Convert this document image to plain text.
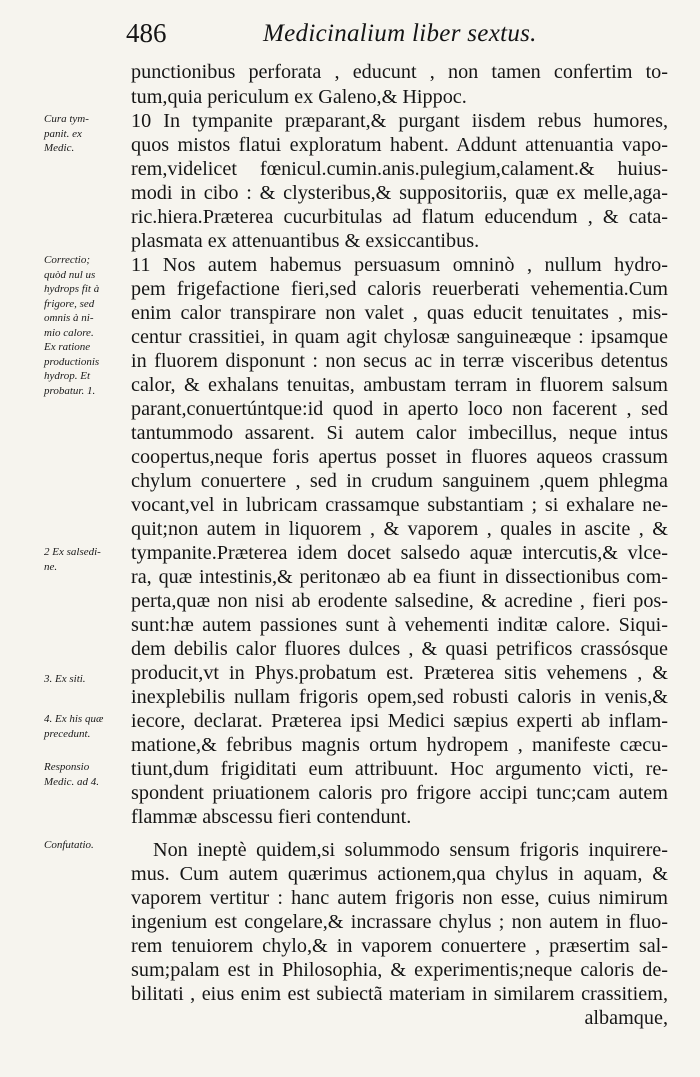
486	Medicinalium liber sextus.
punctionibus perforata , educunt , non tamen confertim to-
tum,quia periculum ex Galeno,& Hippoc.
10 In tympanite præparant,& purgant iisdem rebus humores,
quos mistos flatui exploratum habent. Addunt attenuantia vapo-
rem,videlicet fœnicul.cumin.anis.pulegium,calament.& huius-
modi in cibo : & clysteribus,& suppositoriis, quæ ex melle,aga-
ric.hiera.Præterea cucurbitulas ad flatum educendum , & cata-
plasmata ex attenuantibus & exsiccantibus.
11 Nos autem habemus persuasum omninò , nullum hydro-
pem frigefactione fieri,sed caloris reuerberati vehementia.Cum
enim calor transpirare non valet , quas educit tenuitates , mis-
centur crassitiei, in quam agit chylosæ sanguineæque : ipsamque
in fluorem disponunt : non secus ac in terræ visceribus detentus
calor, & exhalans tenuitas, ambustam terram in fluorem salsum
parant,conuertúntque:id quod in aperto loco non facerent , sed
tantummodo assarent. Si autem calor imbecillus, neque intus
coopertus,neque foris apertus posset in fluores aqueos crassum
chylum conuertere , sed in crudum sanguinem ,quem phlegma
vocant,vel in lubricam crassamque substantiam ; si exhalare ne-
quit;non autem in liquorem , & vaporem , quales in ascite , &
tympanite.Præterea idem docet salsedo aquæ intercutis,& vlce-
ra, quæ intestinis,& peritonæo ab ea fiunt in dissectionibus com-
perta,quæ non nisi ab erodente salsedine, & acredine , fieri pos-
sunt:hæ autem passiones sunt à vehementi inditæ calore. Siqui-
dem debilis calor fluores dulces , & quasi petrificos crassósque
producit,vt in Phys.probatum est. Præterea sitis vehemens , &
inexplebilis nullam frigoris opem,sed robusti caloris in venis,&
iecore, declarat. Præterea ipsi Medici sæpius experti ab inflam-
matione,& febribus magnis ortum hydropem , manifeste cæcu-
tiunt,dum frigiditati eum attribuunt. Hoc argumento victi, re-
spondent priuationem caloris pro frigore accipi tunc;cam autem
flammæ abscessu fieri contendunt.
Non ineptè quidem,si solummodo sensum frigoris inquirere-
mus. Cum autem quærimus actionem,qua chylus in aquam, &
vaporem vertitur : hanc autem frigoris non esse, cuius nimirum
ingenium est congelare,& incrassare chylus ; non autem in fluo-
rem tenuiorem chylo,& in vaporem conuertere , præsertim sal-
sum;palam est in Philosophia, & experimentis;neque caloris de-
bilitati , eius enim est subiectã materiam in similarem crassitiem,
albamque,
Cura tym-
panit. ex
Medic.
Correctio;
quòd nul us
hydrops fit à
frigore, sed
omnis à ni-
mio calore.
Ex ratione
productionis
hydrop. Et
probatur. 1.
2 Ex salsedi-
ne.
3. Ex siti.
4. Ex his quæ
precedunt.
Responsio
Medic. ad 4.
Confutatio.
